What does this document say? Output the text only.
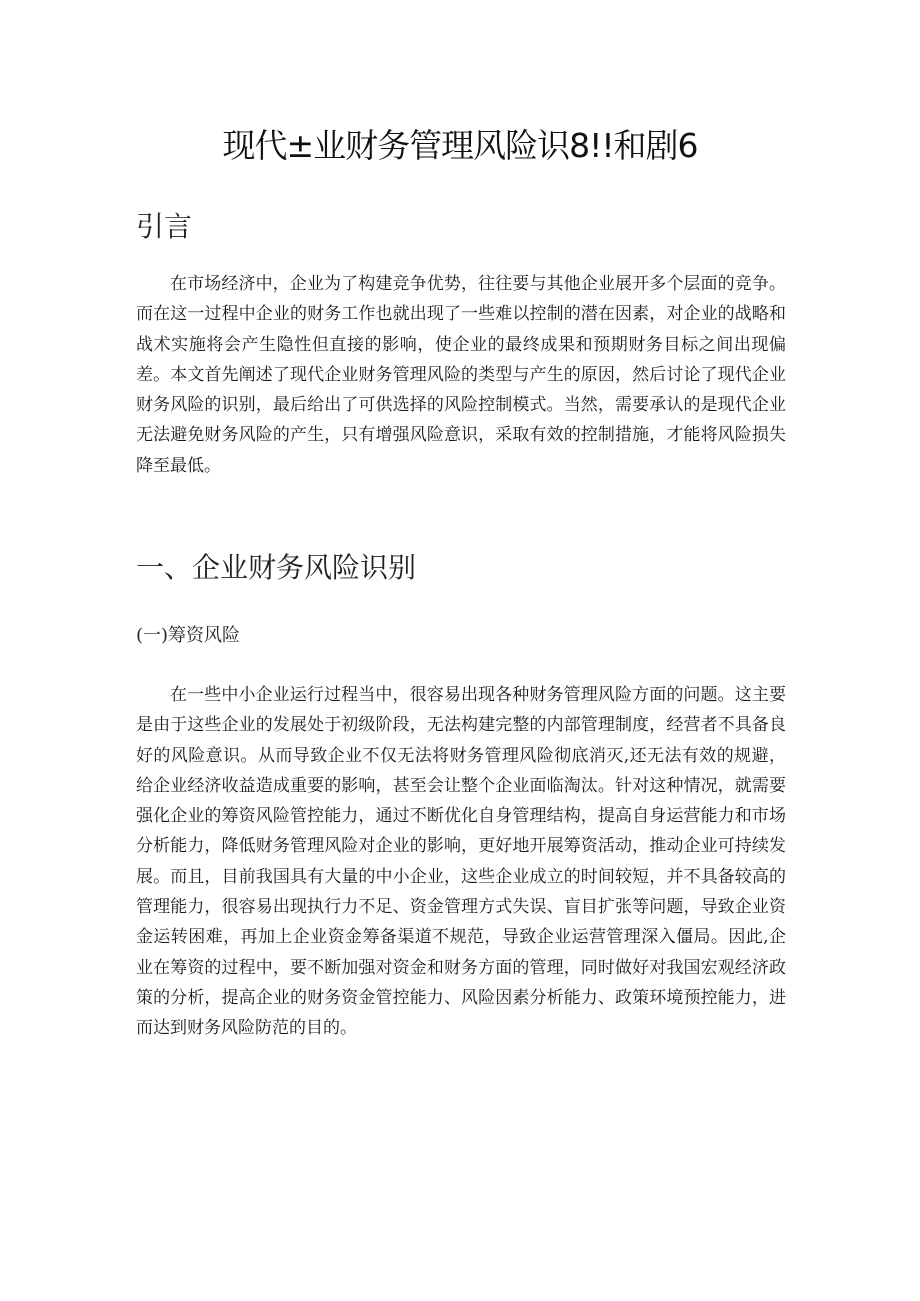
现代±业财务管理风险识8!!和剧6
引言

在市场经济中，企业为了构建竞争优势，往往要与其他企业展开多个层面的竞争。而在这一过程中企业的财务工作也就出现了一些难以控制的潜在因素，对企业的战略和战术实施将会产生隐性但直接的影响，使企业的最终成果和预期财务目标之间出现偏差。本文首先阐述了现代企业财务管理风险的类型与产生的原因，然后讨论了现代企业财务风险的识别，最后给出了可供选择的风险控制模式。当然，需要承认的是现代企业无法避免财务风险的产生，只有增强风险意识，采取有效的控制措施，才能将风险损失降至最低。

一、企业财务风险识别
(一)筹资风险

在一些中小企业运行过程当中，很容易出现各种财务管理风险方面的问题。这主要是由于这些企业的发展处于初级阶段，无法构建完整的内部管理制度，经营者不具备良好的风险意识。从而导致企业不仅无法将财务管理风险彻底消灭,还无法有效的规避，给企业经济收益造成重要的影响，甚至会让整个企业面临淘汰。针对这种情况，就需要强化企业的筹资风险管控能力，通过不断优化自身管理结构，提高自身运营能力和市场分析能力，降低财务管理风险对企业的影响，更好地开展筹资活动，推动企业可持续发展。而且，目前我国具有大量的中小企业，这些企业成立的时间较短，并不具备较高的管理能力，很容易出现执行力不足、资金管理方式失误、盲目扩张等问题，导致企业资金运转困难，再加上企业资金筹备渠道不规范，导致企业运营管理深入僵局。因此,企业在筹资的过程中，要不断加强对资金和财务方面的管理，同时做好对我国宏观经济政策的分析，提高企业的财务资金管控能力、风险因素分析能力、政策环境预控能力，进而达到财务风险防范的目的。
